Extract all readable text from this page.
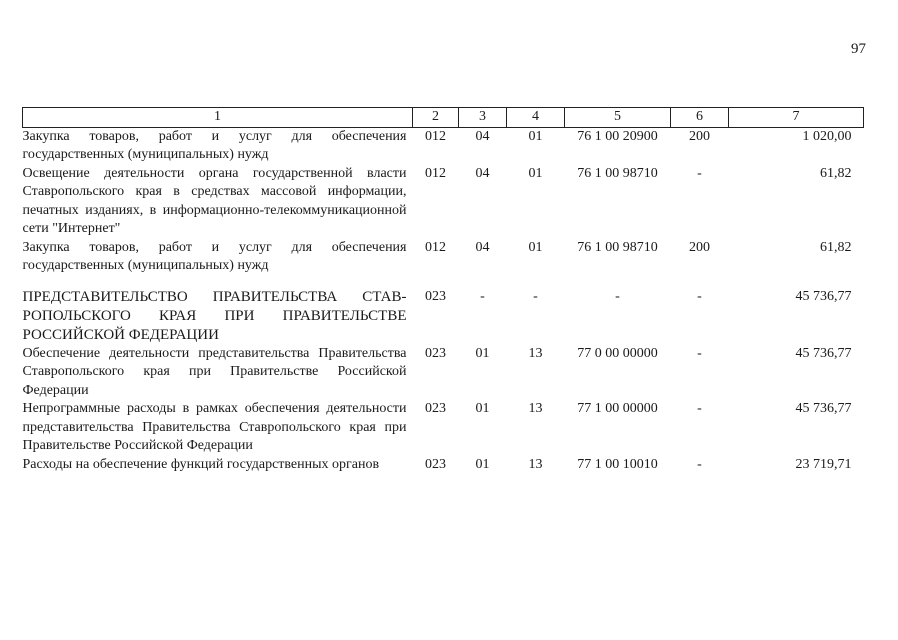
97
1	2	3	4	5	6	7
Закупка товаров, работ и услуг для обеспечения государственных (муниципальных) нужд	012	04	01	76 1 00 20900	200	1 020,00
Освещение деятельности органа государственной власти Ставропольского края в средствах массовой информации, печатных изданиях, в информационно-телекоммуникационной сети "Интернет"	012	04	01	76 1 00 98710	-	61,82
Закупка товаров, работ и услуг для обеспечения государственных (муниципальных) нужд	012	04	01	76 1 00 98710	200	61,82

ПРЕДСТАВИТЕЛЬСТВО ПРАВИТЕЛЬСТВА СТАВ-РОПОЛЬСКОГО КРАЯ ПРИ ПРАВИТЕЛЬСТВЕ РОССИЙСКОЙ ФЕДЕРАЦИИ	023	-	-	-	-	45 736,77
Обеспечение деятельности представительства Правительства Ставропольского края при Правительстве Российской Федерации	023	01	13	77 0 00 00000	-	45 736,77
Непрограммные расходы в рамках обеспечения деятельности представительства Правительства Ставропольского края при Правительстве Российской Федерации	023	01	13	77 1 00 00000	-	45 736,77
Расходы на обеспечение функций государственных органов	023	01	13	77 1 00 10010	-	23 719,71
